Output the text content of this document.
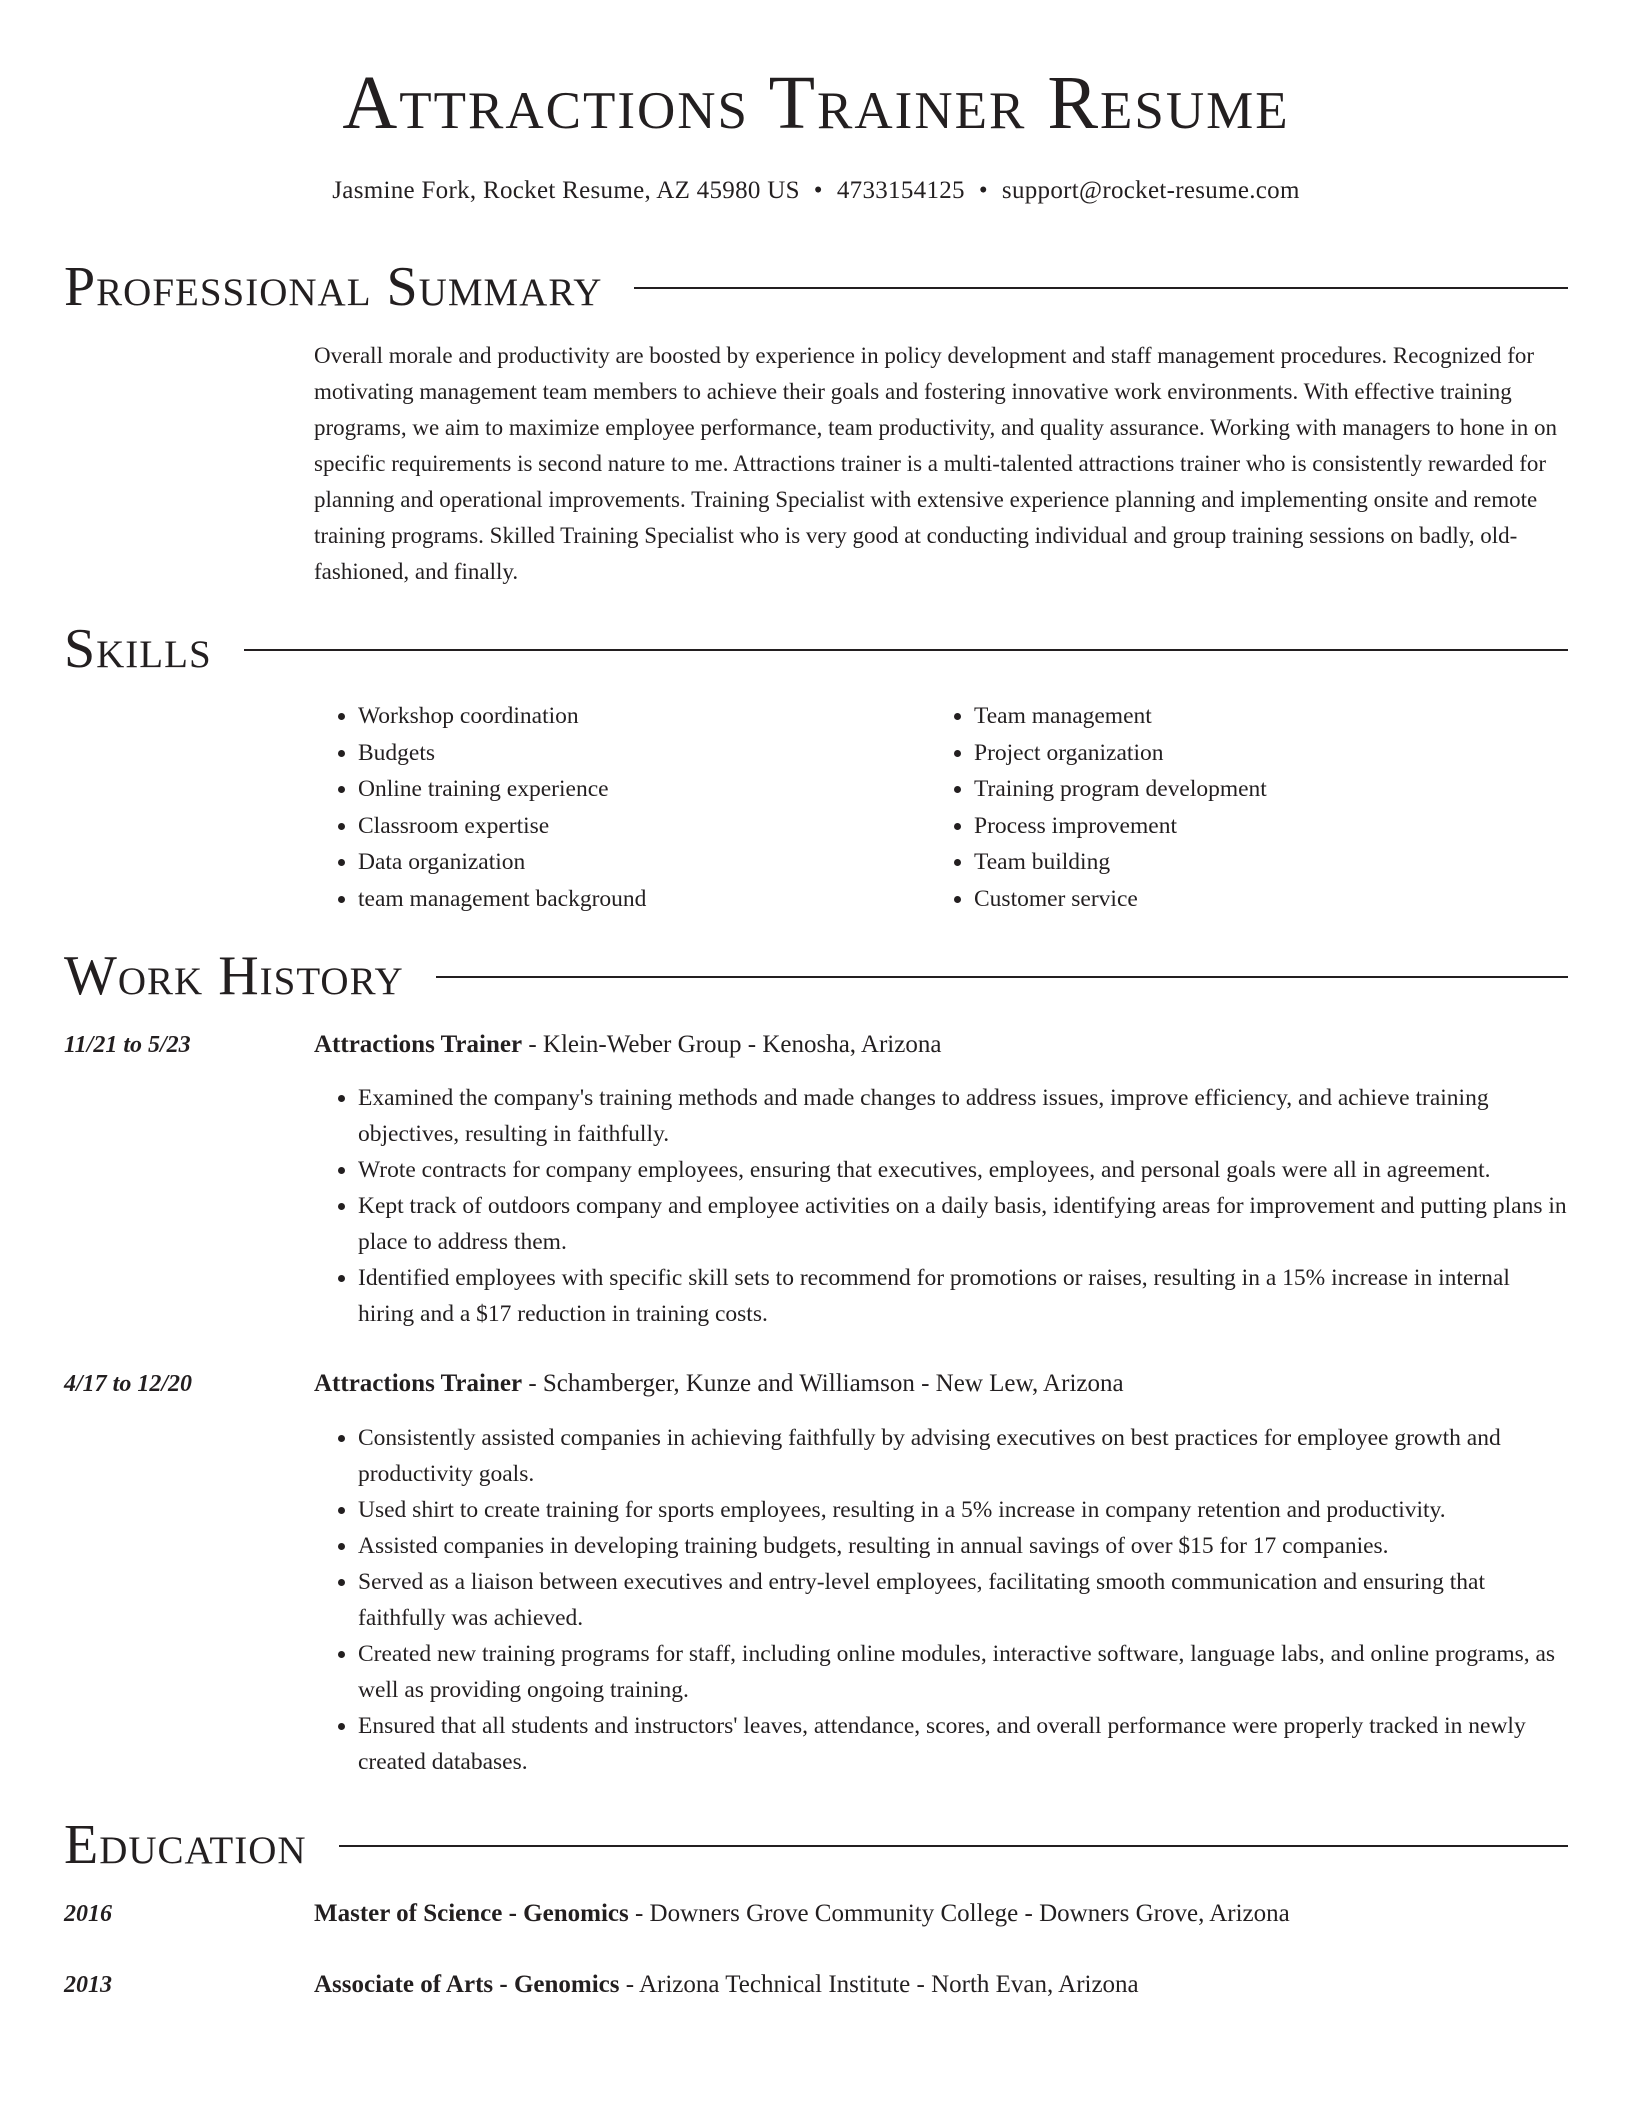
Attractions Trainer Resume
Jasmine Fork, Rocket Resume, AZ 45980 US • 4733154125 • support@rocket-resume.com
Professional Summary

Overall morale and productivity are boosted by experience in policy development and staff management procedures. Recognized for motivating management team members to achieve their goals and fostering innovative work environments. With effective training programs, we aim to maximize employee performance, team productivity, and quality assurance. Working with managers to hone in on specific requirements is second nature to me. Attractions trainer is a multi-talented attractions trainer who is consistently rewarded for planning and operational improvements. Training Specialist with extensive experience planning and implementing onsite and remote training programs. Skilled Training Specialist who is very good at conducting individual and group training sessions on badly, old-fashioned, and finally.

Skills
• Workshop coordination
• Budgets
• Online training experience
• Classroom expertise
• Data organization
• team management background
• Team management
• Project organization
• Training program development
• Process improvement
• Team building
• Customer service
Work History
11/21 to 5/23	Attractions Trainer - Klein-Weber Group - Kenosha, Arizona
• Examined the company's training methods and made changes to address issues, improve efficiency, and achieve training objectives, resulting in faithfully.
• Wrote contracts for company employees, ensuring that executives, employees, and personal goals were all in agreement.
• Kept track of outdoors company and employee activities on a daily basis, identifying areas for improvement and putting plans in place to address them.
• Identified employees with specific skill sets to recommend for promotions or raises, resulting in a 15% increase in internal hiring and a $17 reduction in training costs.
4/17 to 12/20	Attractions Trainer - Schamberger, Kunze and Williamson - New Lew, Arizona
• Consistently assisted companies in achieving faithfully by advising executives on best practices for employee growth and productivity goals.
• Used shirt to create training for sports employees, resulting in a 5% increase in company retention and productivity.
• Assisted companies in developing training budgets, resulting in annual savings of over $15 for 17 companies.
• Served as a liaison between executives and entry-level employees, facilitating smooth communication and ensuring that faithfully was achieved.
• Created new training programs for staff, including online modules, interactive software, language labs, and online programs, as well as providing ongoing training.
• Ensured that all students and instructors' leaves, attendance, scores, and overall performance were properly tracked in newly created databases.
Education
2016	Master of Science - Genomics - Downers Grove Community College - Downers Grove, Arizona
2013	Associate of Arts - Genomics - Arizona Technical Institute - North Evan, Arizona
